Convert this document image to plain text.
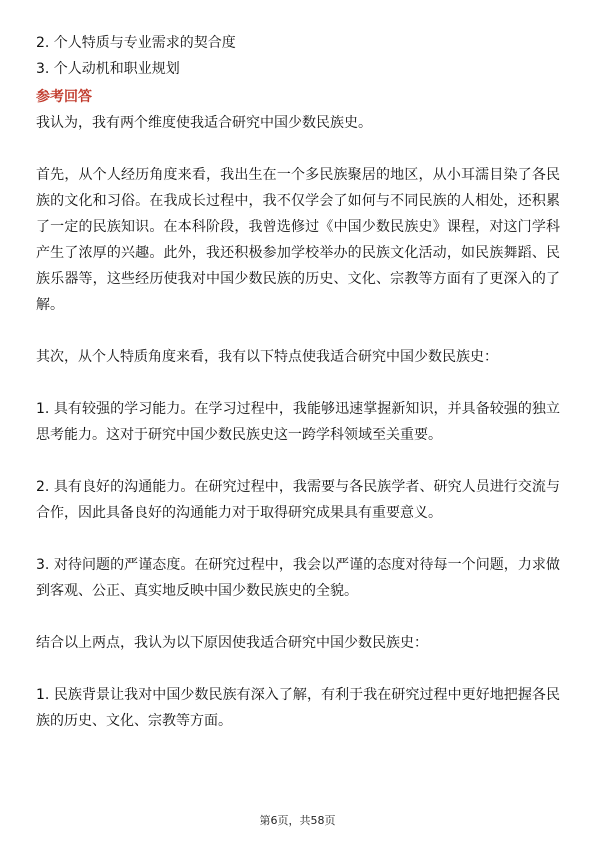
2. 个人特质与专业需求的契合度
3. 个人动机和职业规划
参考回答
我认为，我有两个维度使我适合研究中国少数民族史。
首先，从个人经历角度来看，我出生在一个多民族聚居的地区，从小耳濡目染了各民族的文化和习俗。在我成长过程中，我不仅学会了如何与不同民族的人相处，还积累了一定的民族知识。在本科阶段，我曾选修过《中国少数民族史》课程，对这门学科产生了浓厚的兴趣。此外，我还积极参加学校举办的民族文化活动，如民族舞蹈、民族乐器等，这些经历使我对中国少数民族的历史、文化、宗教等方面有了更深入的了解。
其次，从个人特质角度来看，我有以下特点使我适合研究中国少数民族史：
1. 具有较强的学习能力。在学习过程中，我能够迅速掌握新知识，并具备较强的独立思考能力。这对于研究中国少数民族史这一跨学科领域至关重要。
2. 具有良好的沟通能力。在研究过程中，我需要与各民族学者、研究人员进行交流与合作，因此具备良好的沟通能力对于取得研究成果具有重要意义。
3. 对待问题的严谨态度。在研究过程中，我会以严谨的态度对待每一个问题，力求做到客观、公正、真实地反映中国少数民族史的全貌。
结合以上两点，我认为以下原因使我适合研究中国少数民族史：
1. 民族背景让我对中国少数民族有深入了解，有利于我在研究过程中更好地把握各民族的历史、文化、宗教等方面。
第6页，共58页
